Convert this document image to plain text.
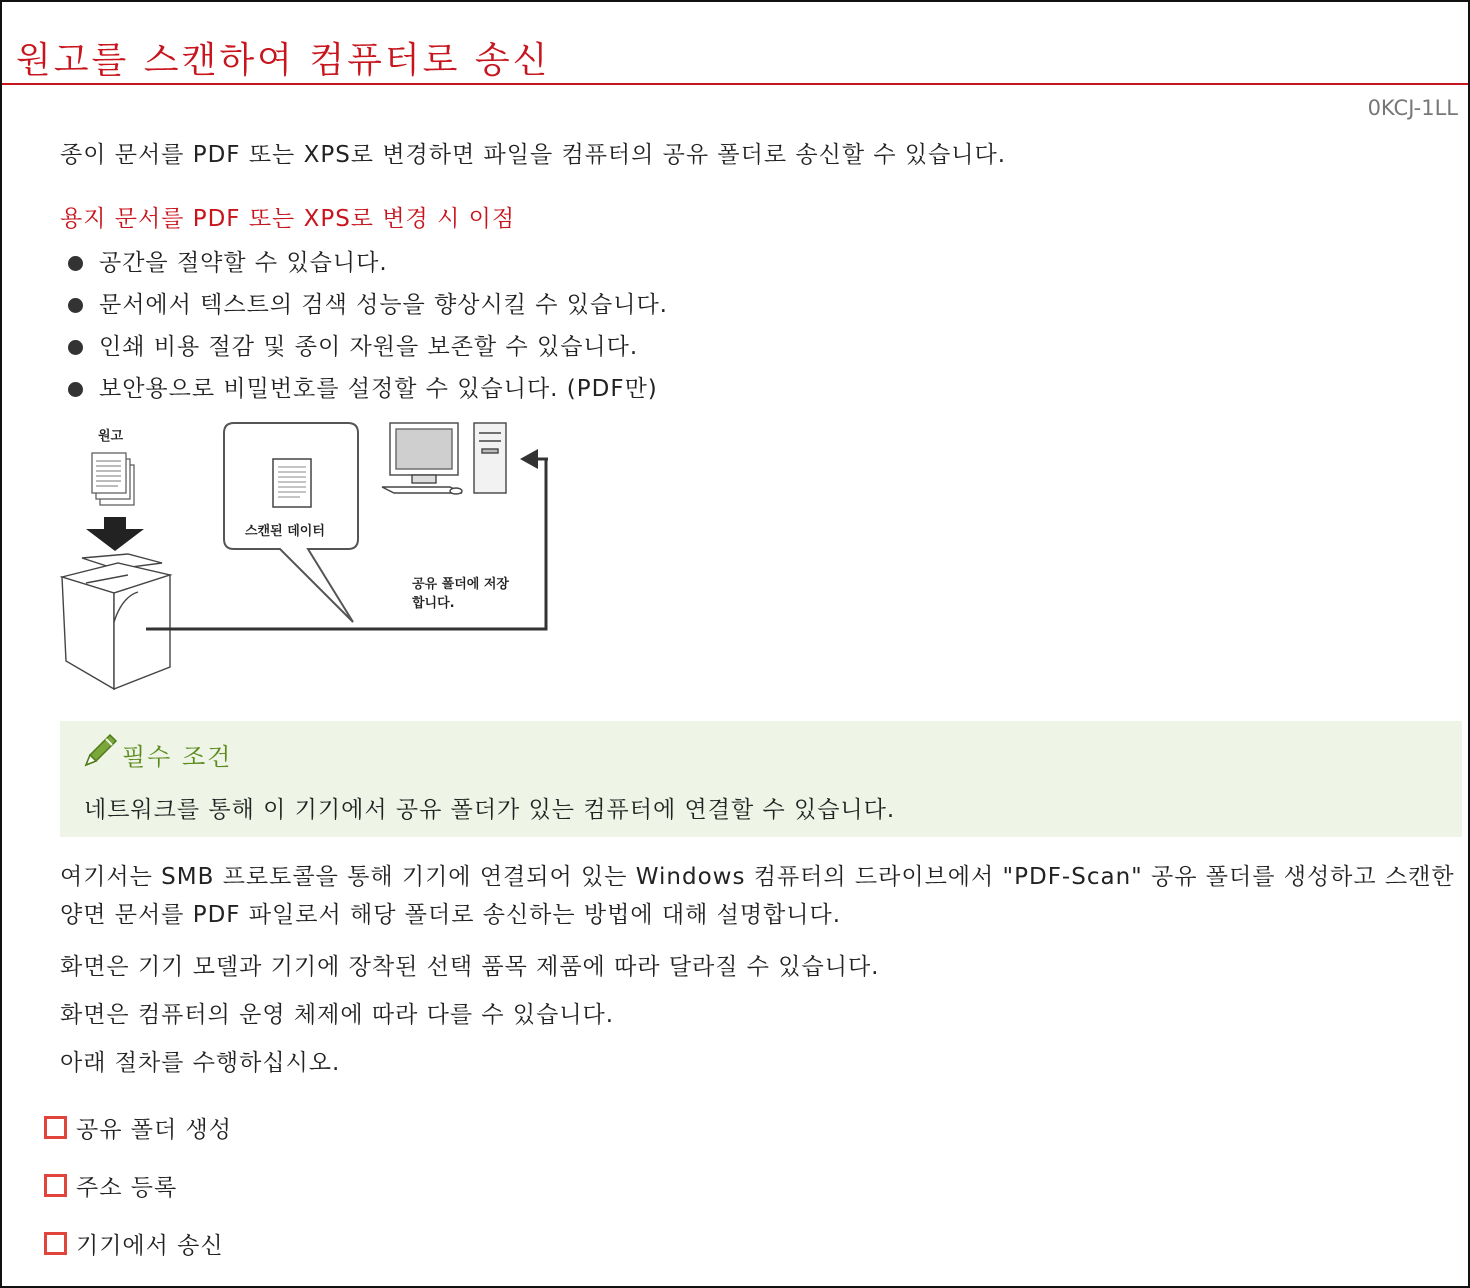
원고를 스캔하여 컴퓨터로 송신
0KCJ-1LL
종이 문서를 PDF 또는 XPS로 변경하면 파일을 컴퓨터의 공유 폴더로 송신할 수 있습니다.
용지 문서를 PDF 또는 XPS로 변경 시 이점
공간을 절약할 수 있습니다.
문서에서 텍스트의 검색 성능을 향상시킬 수 있습니다.
인쇄 비용 절감 및 종이 자원을 보존할 수 있습니다.
보안용으로 비밀번호를 설정할 수 있습니다. (PDF만)
원고
스캔된 데이터
공유 폴더에 저장
합니다.
필수 조건
네트워크를 통해 이 기기에서 공유 폴더가 있는 컴퓨터에 연결할 수 있습니다.
여기서는 SMB 프로토콜을 통해 기기에 연결되어 있는 Windows 컴퓨터의 드라이브에서 "PDF-Scan" 공유 폴더를 생성하고 스캔한 양면 문서를 PDF 파일로서 해당 폴더로 송신하는 방법에 대해 설명합니다.
화면은 기기 모델과 기기에 장착된 선택 품목 제품에 따라 달라질 수 있습니다.
화면은 컴퓨터의 운영 체제에 따라 다를 수 있습니다.
아래 절차를 수행하십시오.
공유 폴더 생성
주소 등록
기기에서 송신
